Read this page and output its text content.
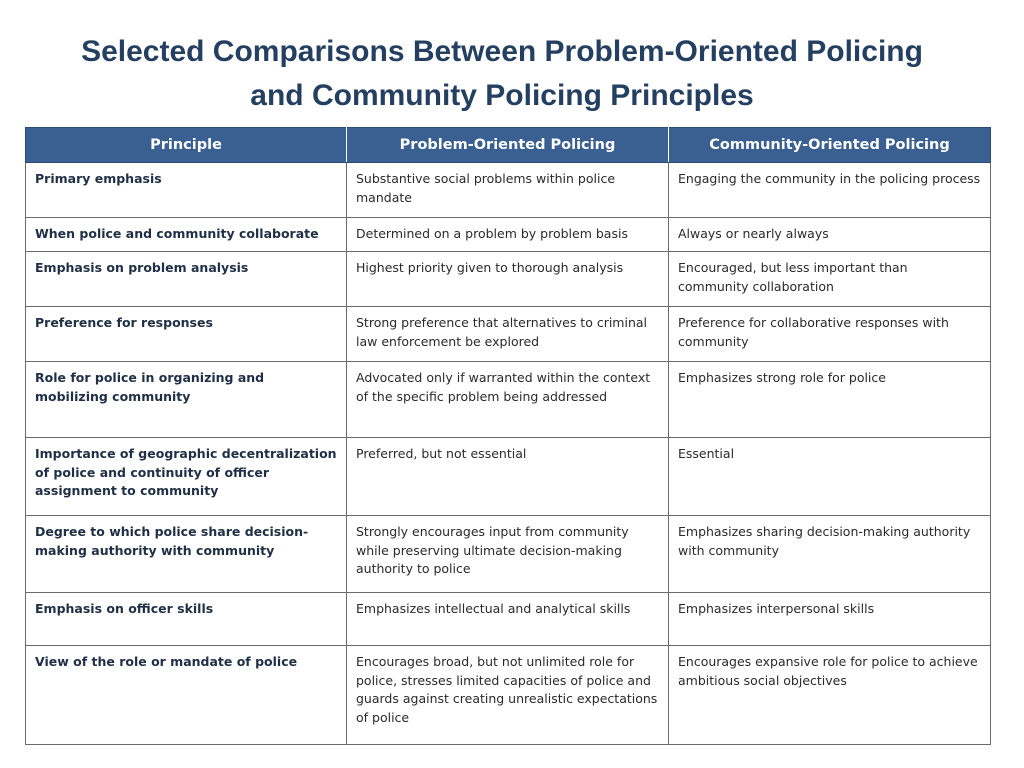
Selected Comparisons Between Problem-Oriented Policing
and Community Policing Principles
Principle	Problem-Oriented Policing	Community-Oriented Policing
Primary emphasis	Substantive social problems within police mandate	Engaging the community in the policing process
When police and community collaborate	Determined on a problem by problem basis	Always or nearly always
Emphasis on problem analysis	Highest priority given to thorough analysis	Encouraged, but less important than community collaboration
Preference for responses	Strong preference that alternatives to criminal law enforcement be explored	Preference for collaborative responses with community
Role for police in organizing and mobilizing community	Advocated only if warranted within the context of the specific problem being addressed	Emphasizes strong role for police
Importance of geographic decentralization of police and continuity of officer assignment to community	Preferred, but not essential	Essential
Degree to which police share decision-making authority with community	Strongly encourages input from community while preserving ultimate decision-making authority to police	Emphasizes sharing decision-making authority with community
Emphasis on officer skills	Emphasizes intellectual and analytical skills	Emphasizes interpersonal skills
View of the role or mandate of police	Encourages broad, but not unlimited role for police, stresses limited capacities of police and guards against creating unrealistic expectations of police	Encourages expansive role for police to achieve ambitious social objectives
